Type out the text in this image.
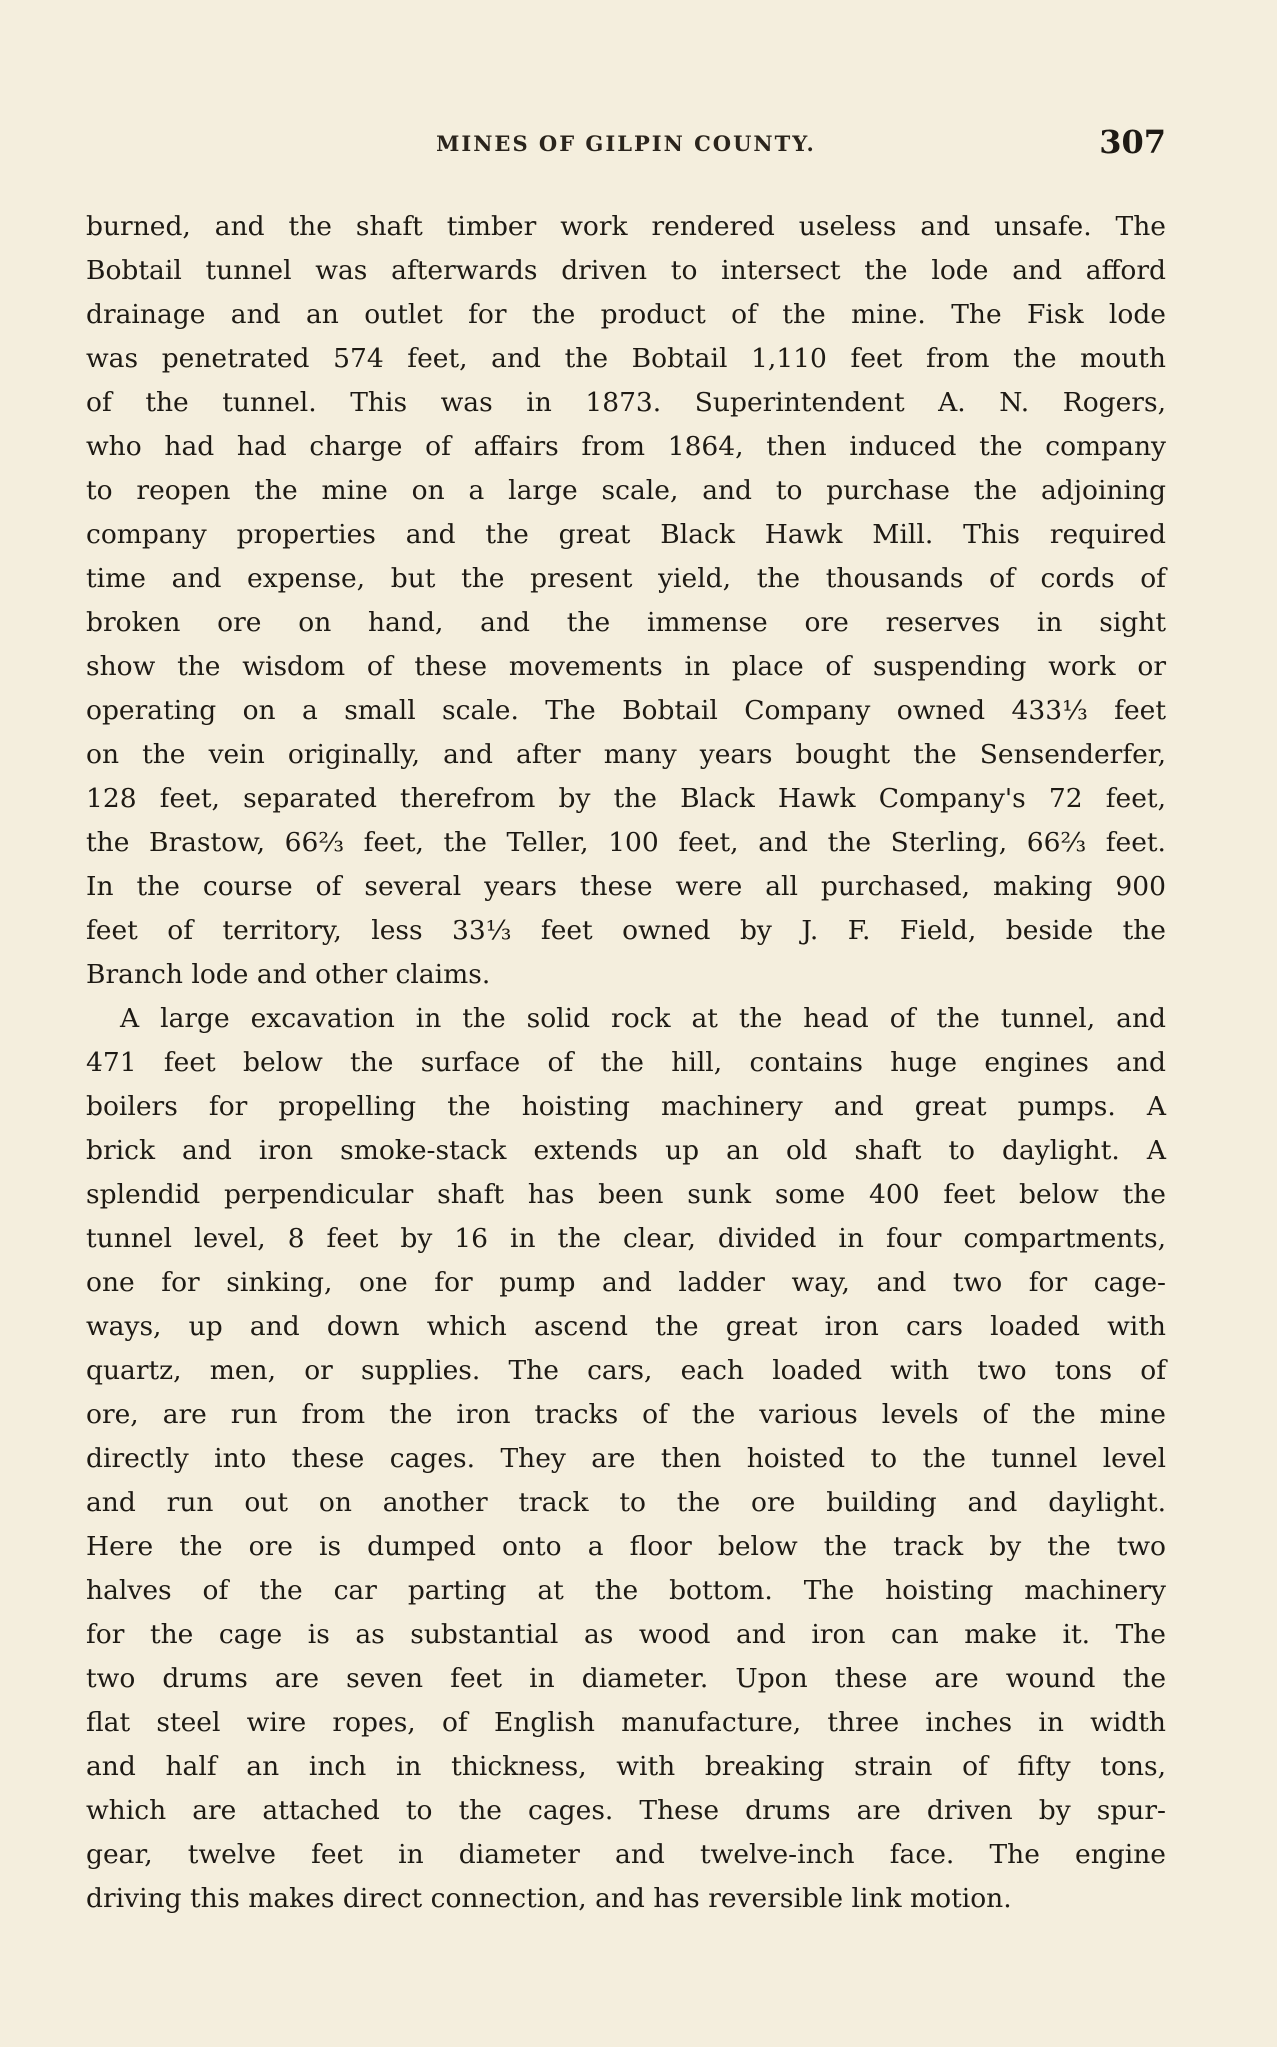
MINES OF GILPIN COUNTY.	307
burned, and the shaft timber work rendered useless and unsafe. The
Bobtail tunnel was afterwards driven to intersect the lode and afford
drainage and an outlet for the product of the mine. The Fisk lode
was penetrated 574 feet, and the Bobtail 1,110 feet from the mouth
of the tunnel. This was in 1873. Superintendent A. N. Rogers,
who had had charge of affairs from 1864, then induced the company
to reopen the mine on a large scale, and to purchase the adjoining
company properties and the great Black Hawk Mill. This required
time and expense, but the present yield, the thousands of cords of
broken ore on hand, and the immense ore reserves in sight
show the wisdom of these movements in place of suspending work or
operating on a small scale. The Bobtail Company owned 433⅓ feet
on the vein originally, and after many years bought the Sensenderfer,
128 feet, separated therefrom by the Black Hawk Company's 72 feet,
the Brastow, 66⅔ feet, the Teller, 100 feet, and the Sterling, 66⅔ feet.
In the course of several years these were all purchased, making 900
feet of territory, less 33⅓ feet owned by J. F. Field, beside the
Branch lode and other claims.
A large excavation in the solid rock at the head of the tunnel, and
471 feet below the surface of the hill, contains huge engines and
boilers for propelling the hoisting machinery and great pumps. A
brick and iron smoke-stack extends up an old shaft to daylight. A
splendid perpendicular shaft has been sunk some 400 feet below the
tunnel level, 8 feet by 16 in the clear, divided in four compartments,
one for sinking, one for pump and ladder way, and two for cage-
ways, up and down which ascend the great iron cars loaded with
quartz, men, or supplies. The cars, each loaded with two tons of
ore, are run from the iron tracks of the various levels of the mine
directly into these cages. They are then hoisted to the tunnel level
and run out on another track to the ore building and daylight.
Here the ore is dumped onto a floor below the track by the two
halves of the car parting at the bottom. The hoisting machinery
for the cage is as substantial as wood and iron can make it. The
two drums are seven feet in diameter. Upon these are wound the
flat steel wire ropes, of English manufacture, three inches in width
and half an inch in thickness, with breaking strain of fifty tons,
which are attached to the cages. These drums are driven by spur-
gear, twelve feet in diameter and twelve-inch face. The engine
driving this makes direct connection, and has reversible link motion.
